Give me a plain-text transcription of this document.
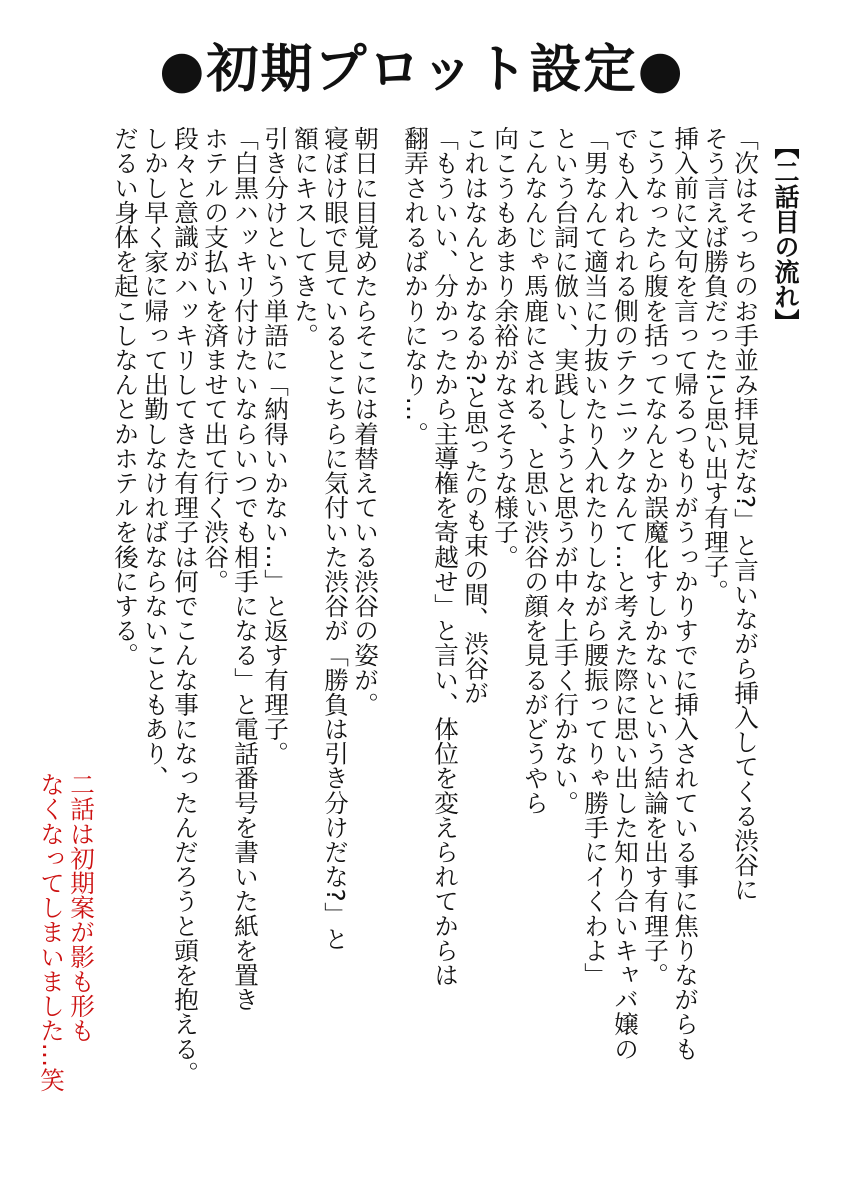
●初期プロット設定●
【二話目の流れ】
「次はそっちのお手並み拝見だな?」と言いながら挿入してくる渋谷に
そう言えば勝負だった!と思い出す有理子。
挿入前に文句を言って帰るつもりがうっかりすでに挿入されている事に焦りながらも
こうなったら腹を括ってなんとか誤魔化すしかないという結論を出す有理子。
でも入れられる側のテクニックなんて…と考えた際に思い出した知り合いキャバ嬢の
「男なんて適当に力抜いたり入れたりしながら腰振ってりゃ勝手にイくわよ」
という台詞に倣い、実践しようと思うが中々上手く行かない。
こんなんじゃ馬鹿にされる、と思い渋谷の顔を見るがどうやら
向こうもあまり余裕がなさそうな様子。
これはなんとかなるか?と思ったのも束の間、渋谷が
「もういい、分かったから主導権を寄越せ」と言い、体位を変えられてからは
翻弄されるばかりになり…。
朝日に目覚めたらそこには着替えている渋谷の姿が。
寝ぼけ眼で見ているとこちらに気付いた渋谷が「勝負は引き分けだな?」と
額にキスしてきた。
引き分けという単語に「納得いかない…」と返す有理子。
「白黒ハッキリ付けたいならいつでも相手になる」と電話番号を書いた紙を置き
ホテルの支払いを済ませて出て行く渋谷。
段々と意識がハッキリしてきた有理子は何でこんな事になったんだろうと頭を抱える。
しかし早く家に帰って出勤しなければならないこともあり、
だるい身体を起こしなんとかホテルを後にする。
二話は初期案が影も形も
なくなってしまいました…笑
